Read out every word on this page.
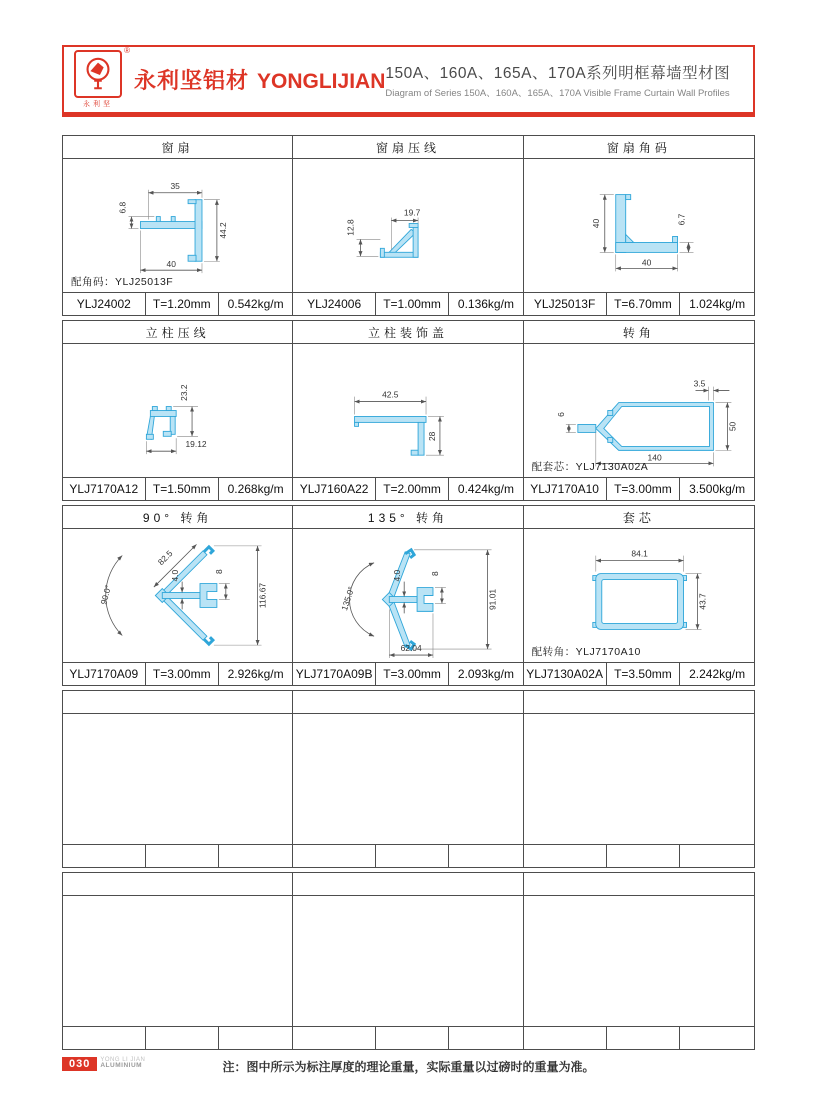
®
永利坚
永利坚铝材 YONGLIJIAN 150A、160A、165A、170A系列明框幕墙型材图
Diagram of Series 150A、160A、165A、170A Visible Frame Curtain Wall Profiles
窗扇
35
6.8
44.2
40
配角码：YLJ25013F
YLJ24002	T=1.20mm	0.542kg/m
窗扇压线
12.8
19.7
YLJ24006	T=1.00mm	0.136kg/m
窗扇角码
40	6.7
40
YLJ25013F	T=6.70mm	1.024kg/m
立柱压线
23.2
19.12
YLJ7170A12	T=1.50mm	0.268kg/m
立柱装饰盖
42.5
28
YLJ7160A22	T=2.00mm	0.424kg/m
转角
3.5
6
50
140
配套芯：YLJ7130A02A
YLJ7170A10	T=3.00mm	3.500kg/m
90° 转角
90.0°
82.5
4.0	8
116.67
YLJ7170A09	T=3.00mm	2.926kg/m
135° 转角
135.0°
4.0	8
91.01
62.04
YLJ7170A09B T=3.00mm	2.093kg/m
套芯
84.1
43.7
配转角：YLJ7170A10
YLJ7130A02A T=3.50mm	2.242kg/m
030	YONG LI JIAN
ALUMINIUM	注：图中所示为标注厚度的理论重量，实际重量以过磅时的重量为准。
